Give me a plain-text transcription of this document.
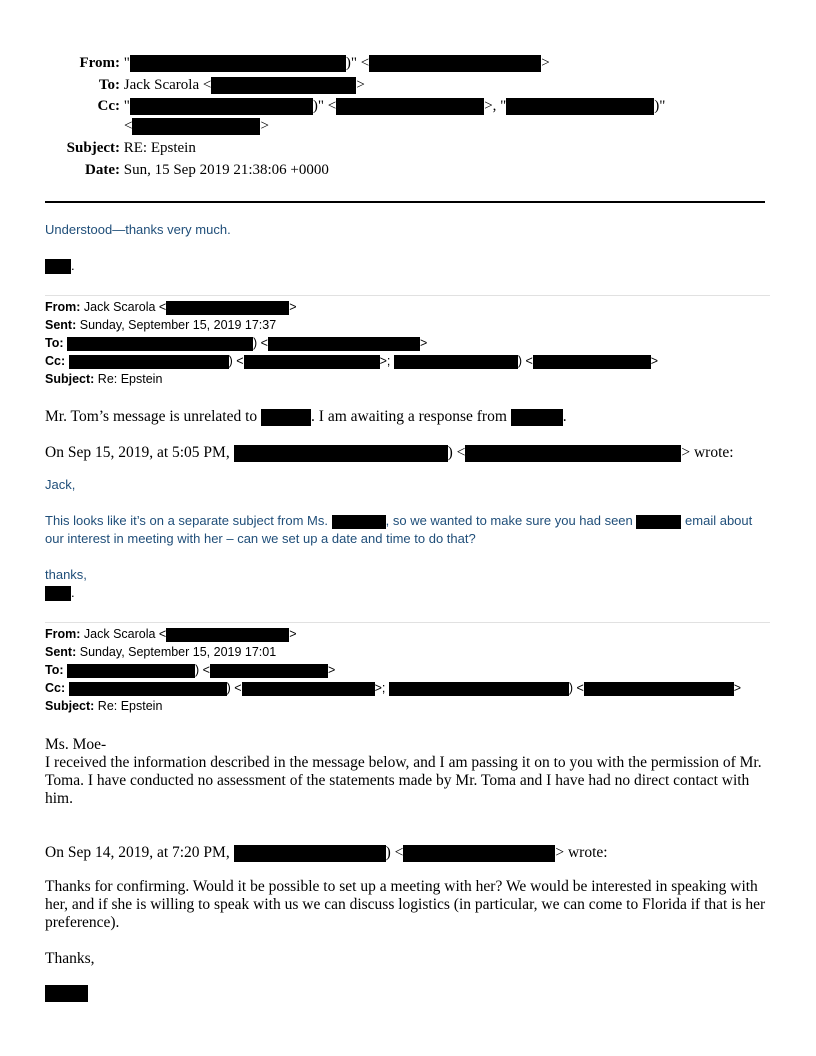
From: "	)" <	>
To: Jack Scarola <	>
Cc: "	)" <	>, "	)"
<	>
Subject: RE: Epstein
Date: Sun, 15 Sep 2019 21:38:06 +0000
Understood—thanks very much.
.
From: Jack Scarola <	>
Sent: Sunday, September 15, 2019 17:37
To:	) <	>
Cc:	) <	>;	) <	>
Subject: Re: Epstein
Mr. Tom’s message is unrelated to	. I am awaiting a response from	.
On Sep 15, 2019, at 5:05 PM,	) <	> wrote:
Jack,
This looks like it’s on a separate subject from Ms.	, so we wanted to make sure you had seen	email about
our interest in meeting with her – can we set up a date and time to do that?
thanks,
.
From: Jack Scarola <	>
Sent: Sunday, September 15, 2019 17:01
To:	) <	>
Cc:	) <	>;	) <	>
Subject: Re: Epstein
Ms. Moe-
I received the information described in the message below, and I am passing it on to you with the permission of Mr. Toma. I have conducted no assessment of the statements made by Mr. Toma and I have had no direct contact with him.
On Sep 14, 2019, at 7:20 PM,	) <	> wrote:
Thanks for confirming. Would it be possible to set up a meeting with her? We would be interested in speaking with her, and if she is willing to speak with us we can discuss logistics (in particular, we can come to Florida if that is her preference).
Thanks,
